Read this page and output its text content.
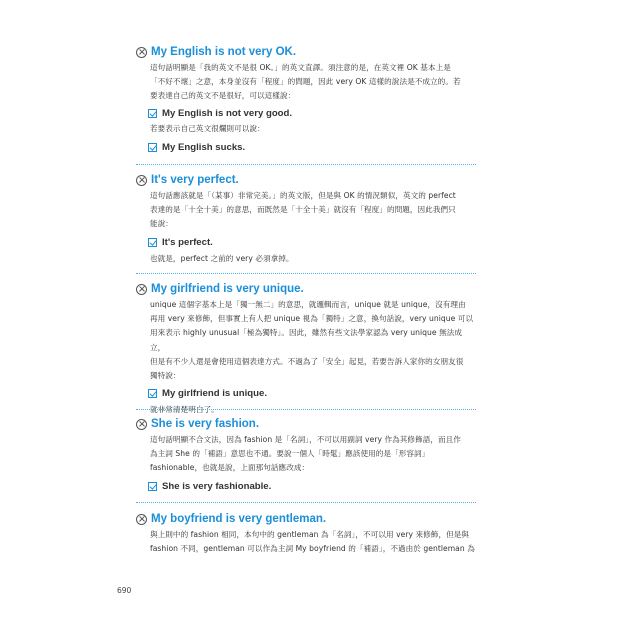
My English is not very OK.

這句話明顯是「我的英文不是很 OK。」的英文直譯。須注意的是，在英文裡 OK 基本上是
「不好不壞」之意，本身並沒有「程度」的問題，因此 very OK 這樣的說法是不成立的。若
要表達自己的英文不是很好，可以這樣說：

My English is not very good.

若要表示自己英文很爛則可以說：

My English sucks.
It's very perfect.

這句話應該就是「（某事）非常完美。」的英文版，但是與 OK 的情況類似，英文的 perfect
表達的是「十全十美」的意思，而既然是「十全十美」就沒有「程度」的問題，因此我們只
能說：

It's perfect.

也就是，perfect 之前的 very 必須拿掉。

My girlfriend is very unique.

unique 這個字基本上是「獨一無二」的意思，就邏輯而言，unique 就是 unique，沒有理由
再用 very 來修飾，但事實上有人把 unique 視為「獨特」之意，換句話說，very unique 可以
用來表示 highly unusual「極為獨特」。因此，雖然有些文法學家認為 very unique 無法成立，
但是有不少人還是會使用這個表達方式。不過為了「安全」起見，若要告訴人家你的女朋友很
獨特說：

My girlfriend is unique.

就非常清楚明白了。

She is very fashion.

這句話明顯不合文法，因為 fashion 是「名詞」，不可以用副詞 very 作為其修飾語，而且作
為主詞 She 的「補語」意思也不通。要說一個人「時髦」應該使用的是「形容詞」
fashionable，也就是說，上面那句話應改成：

She is very fashionable.
My boyfriend is very gentleman.

與上則中的 fashion 相同，本句中的 gentleman 為「名詞」，不可以用 very 來修飾，但是與
fashion 不同，gentleman 可以作為主詞 My boyfriend 的「補語」，不過由於 gentleman 為

690
